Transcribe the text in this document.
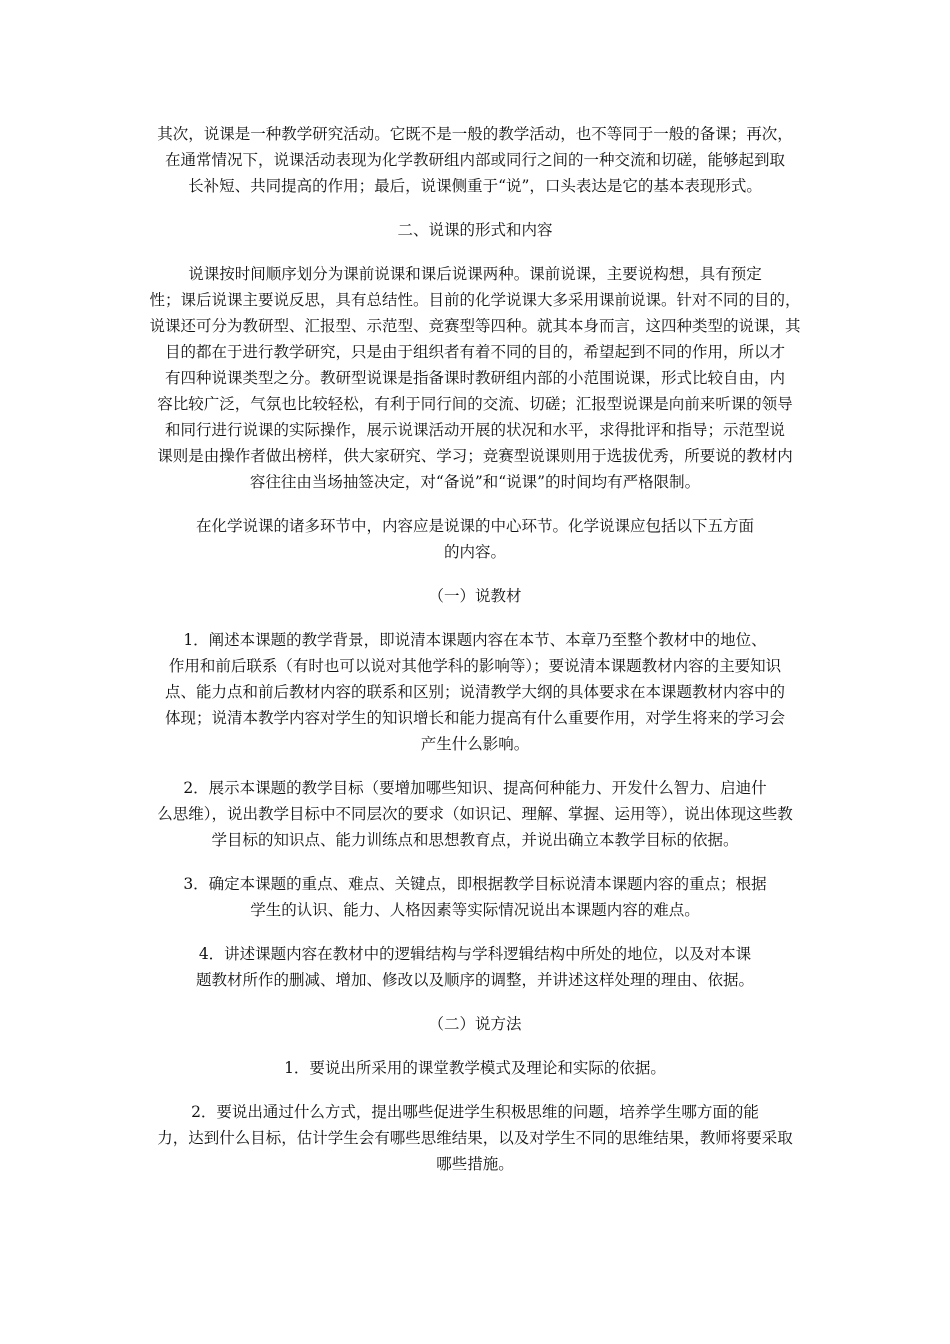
其次，说课是一种教学研究活动。它既不是一般的教学活动，也不等同于一般的备课；再次，
在通常情况下，说课活动表现为化学教研组内部或同行之间的一种交流和切磋，能够起到取
长补短、共同提高的作用；最后，说课侧重于“说”，口头表达是它的基本表现形式。
二、说课的形式和内容
说课按时间顺序划分为课前说课和课后说课两种。课前说课，主要说构想，具有预定
性；课后说课主要说反思，具有总结性。目前的化学说课大多采用课前说课。针对不同的目的，
说课还可分为教研型、汇报型、示范型、竞赛型等四种。就其本身而言，这四种类型的说课，其
目的都在于进行教学研究，只是由于组织者有着不同的目的，希望起到不同的作用，所以才
有四种说课类型之分。教研型说课是指备课时教研组内部的小范围说课，形式比较自由，内
容比较广泛，气氛也比较轻松，有利于同行间的交流、切磋；汇报型说课是向前来听课的领导
和同行进行说课的实际操作，展示说课活动开展的状况和水平，求得批评和指导；示范型说
课则是由操作者做出榜样，供大家研究、学习；竞赛型说课则用于选拔优秀，所要说的教材内
容往往由当场抽签决定，对“备说”和“说课”的时间均有严格限制。
在化学说课的诸多环节中，内容应是说课的中心环节。化学说课应包括以下五方面
的内容。
（一）说教材
1．阐述本课题的教学背景，即说清本课题内容在本节、本章乃至整个教材中的地位、
作用和前后联系（有时也可以说对其他学科的影响等）；要说清本课题教材内容的主要知识
点、能力点和前后教材内容的联系和区别；说清教学大纲的具体要求在本课题教材内容中的
体现；说清本教学内容对学生的知识增长和能力提高有什么重要作用，对学生将来的学习会
产生什么影响。
2．展示本课题的教学目标（要增加哪些知识、提高何种能力、开发什么智力、启迪什
么思维），说出教学目标中不同层次的要求（如识记、理解、掌握、运用等），说出体现这些教
学目标的知识点、能力训练点和思想教育点，并说出确立本教学目标的依据。
3．确定本课题的重点、难点、关键点，即根据教学目标说清本课题内容的重点；根据
学生的认识、能力、人格因素等实际情况说出本课题内容的难点。
4．讲述课题内容在教材中的逻辑结构与学科逻辑结构中所处的地位，以及对本课
题教材所作的删减、增加、修改以及顺序的调整，并讲述这样处理的理由、依据。
（二）说方法
1．要说出所采用的课堂教学模式及理论和实际的依据。
2．要说出通过什么方式，提出哪些促进学生积极思维的问题，培养学生哪方面的能
力，达到什么目标，估计学生会有哪些思维结果，以及对学生不同的思维结果，教师将要采取
哪些措施。
